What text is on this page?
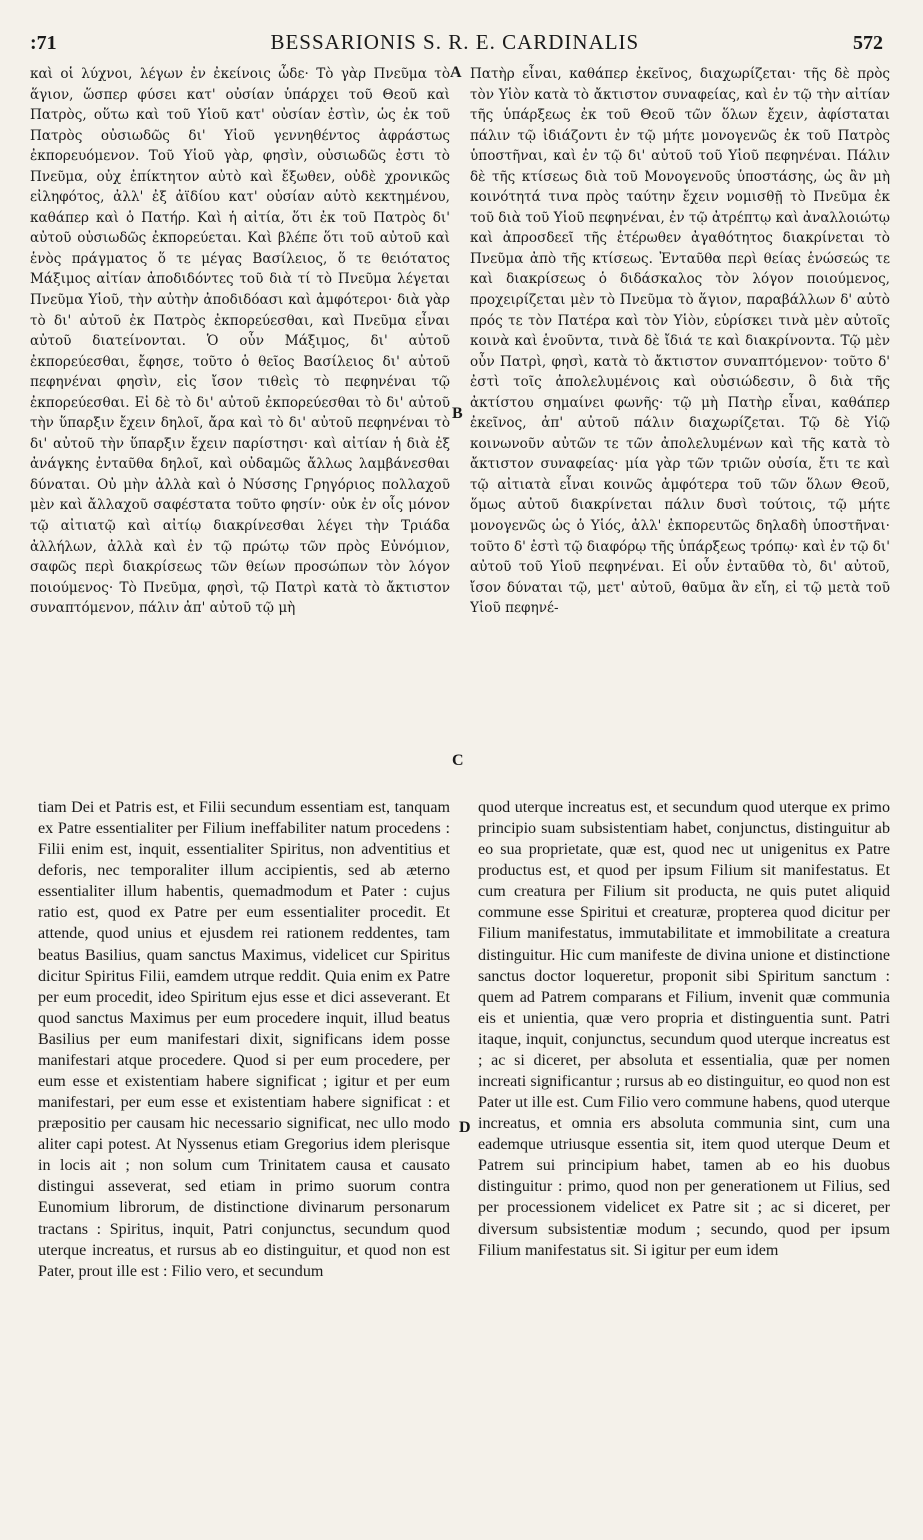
:71	BESSARIONIS S. R. E. CARDINALIS	572

καὶ οἱ λύχνοι, λέγων ἐν ἐκείνοις ὧδε· Τὸ γὰρ Πνεῦμα τὸ ἅγιον, ὥσπερ φύσει κατ' οὐσίαν ὑπάρχει τοῦ Θεοῦ καὶ Πατρὸς, οὕτω καὶ τοῦ Υἱοῦ κατ' οὐσίαν ἐστὶν, ὡς ἐκ τοῦ Πατρὸς οὐσιωδῶς δι' Υἱοῦ γεννηθέντος ἀφράστως ἐκπορευόμενον. Τοῦ Υἱοῦ γὰρ, φησὶν, οὐσιωδῶς ἐστι τὸ Πνεῦμα, οὐχ ἐπίκτητον αὐτὸ καὶ ἔξωθεν, οὐδὲ χρονικῶς εἰληφότος, ἀλλ' ἐξ ἀϊδίου κατ' οὐσίαν αὐτὸ κεκτημένου, καθάπερ καὶ ὁ Πατήρ. Καὶ ἡ αἰτία, ὅτι ἐκ τοῦ Πατρὸς δι' αὐτοῦ οὐσιωδῶς ἐκπορεύεται. Καὶ βλέπε ὅτι τοῦ αὐτοῦ καὶ ἑνὸς πράγματος ὅ τε μέγας Βασίλειος, ὅ τε θειότατος Μάξιμος αἰτίαν ἀποδιδόντες τοῦ διὰ τί τὸ Πνεῦμα λέγεται Πνεῦμα Υἱοῦ, τὴν αὐτὴν ἀποδιδόασι καὶ ἀμφότεροι· διὰ γὰρ τὸ δι' αὐτοῦ ἐκ Πατρὸς ἐκπορεύεσθαι, καὶ Πνεῦμα εἶναι αὐτοῦ διατείνονται. Ὁ οὖν Μάξιμος, δι' αὐτοῦ ἐκπορεύεσθαι, ἔφησε, τοῦτο ὁ θεῖος Βασίλειος δι' αὐτοῦ πεφηνέναι φησὶν, εἰς ἴσον τιθεὶς τὸ πεφηνέναι τῷ ἐκπορεύεσθαι. Εἰ δὲ τὸ δι' αὐτοῦ ἐκπορεύεσθαι τὸ δι' αὐτοῦ τὴν ὕπαρξιν ἔχειν δηλοῖ, ἄρα καὶ τὸ δι' αὐτοῦ πεφηνέναι τὸ δι' αὐτοῦ τὴν ὕπαρξιν ἔχειν παρίστησι· καὶ αἰτίαν ἡ διὰ ἐξ ἀνάγκης ἐνταῦθα δηλοῖ, καὶ οὐδαμῶς ἄλλως λαμβάνεσθαι δύναται. Οὐ μὴν ἀλλὰ καὶ ὁ Νύσσης Γρηγόριος πολλαχοῦ μὲν καὶ ἄλλαχοῦ σαφέστατα τοῦτο φησίν· οὐκ ἐν οἷς μόνον τῷ αἰτιατῷ καὶ αἰτίῳ διακρίνεσθαι λέγει τὴν Τριάδα ἀλλήλων, ἀλλὰ καὶ ἐν τῷ πρώτῳ τῶν πρὸς Εὐνόμιον, σαφῶς περὶ διακρίσεως τῶν θείων προσώπων τὸν λόγον ποιούμενος· Τὸ Πνεῦμα, φησὶ, τῷ Πατρὶ κατὰ τὸ ἄκτιστον συναπτόμενον, πάλιν ἀπ' αὐτοῦ τῷ μὴ

Πατὴρ εἶναι, καθάπερ ἐκεῖνος, διαχωρίζεται· τῆς δὲ πρὸς τὸν Υἱὸν κατὰ τὸ ἄκτιστον συναφείας, καὶ ἐν τῷ τὴν αἰτίαν τῆς ὑπάρξεως ἐκ τοῦ Θεοῦ τῶν ὅλων ἔχειν, ἀφίσταται πάλιν τῷ ἰδιάζοντι ἐν τῷ μήτε μονογενῶς ἐκ τοῦ Πατρὸς ὑποστῆναι, καὶ ἐν τῷ δι' αὐτοῦ τοῦ Υἱοῦ πεφηνέναι. Πάλιν δὲ τῆς κτίσεως διὰ τοῦ Μονογενοῦς ὑποστάσης, ὡς ἂν μὴ κοινότητά τινα πρὸς ταύτην ἔχειν νομισθῇ τὸ Πνεῦμα ἐκ τοῦ διὰ τοῦ Υἱοῦ πεφηνέναι, ἐν τῷ ἀτρέπτῳ καὶ ἀναλλοιώτῳ καὶ ἀπροσδεεῖ τῆς ἑτέρωθεν ἀγαθότητος διακρίνεται τὸ Πνεῦμα ἀπὸ τῆς κτίσεως. Ἐνταῦθα περὶ θείας ἑνώσεώς τε καὶ διακρίσεως ὁ διδάσκαλος τὸν λόγον ποιούμενος, προχειρίζεται μὲν τὸ Πνεῦμα τὸ ἅγιον, παραβάλλων δ' αὐτὸ πρός τε τὸν Πατέρα καὶ τὸν Υἱὸν, εὑρίσκει τινὰ μὲν αὐτοῖς κοινὰ καὶ ἑνοῦντα, τινὰ δὲ ἴδιά τε καὶ διακρίνοντα. Τῷ μὲν οὖν Πατρὶ, φησὶ, κατὰ τὸ ἄκτιστον συναπτόμενον· τοῦτο δ' ἐστὶ τοῖς ἀπολελυμένοις καὶ οὐσιώδεσιν, ὃ διὰ τῆς ἀκτίστου σημαίνει φωνῆς· τῷ μὴ Πατὴρ εἶναι, καθάπερ ἐκεῖνος, ἀπ' αὐτοῦ πάλιν διαχωρίζεται. Τῷ δὲ Υἱῷ κοινωνοῦν αὐτῶν τε τῶν ἀπολελυμένων καὶ τῆς κατὰ τὸ ἄκτιστον συναφείας· μία γὰρ τῶν τριῶν οὐσία, ἔτι τε καὶ τῷ αἰτιατὰ εἶναι κοινῶς ἀμφότερα τοῦ τῶν ὅλων Θεοῦ, ὅμως αὐτοῦ διακρίνεται πάλιν δυσὶ τούτοις, τῷ μήτε μονογενῶς ὡς ὁ Υἱός, ἀλλ' ἐκπορευτῶς δηλαδὴ ὑποστῆναι· τοῦτο δ' ἐστὶ τῷ διαφόρῳ τῆς ὑπάρξεως τρόπῳ· καὶ ἐν τῷ δι' αὐτοῦ τοῦ Υἱοῦ πεφηνέναι. Εἰ οὖν ἐνταῦθα τὸ, δι' αὐτοῦ, ἴσον δύναται τῷ, μετ' αὐτοῦ, θαῦμα ἂν εἴη, εἰ τῷ μετὰ τοῦ Υἱοῦ πεφηνέ-

A
B
C
D

tiam Dei et Patris est, et Filii secundum essentiam est, tanquam ex Patre essentialiter per Filium ineffabiliter natum procedens : Filii enim est, inquit, essentialiter Spiritus, non adventitius et deforis, nec temporaliter illum accipientis, sed ab æterno essentialiter illum habentis, quemadmodum et Pater : cujus ratio est, quod ex Patre per eum essentialiter procedit. Et attende, quod unius et ejusdem rei rationem reddentes, tam beatus Basilius, quam sanctus Maximus, videlicet cur Spiritus dicitur Spiritus Filii, eamdem utrque reddit. Quia enim ex Patre per eum procedit, ideo Spiritum ejus esse et dici asseverant. Et quod sanctus Maximus per eum procedere inquit, illud beatus Basilius per eum manifestari dixit, significans idem posse manifestari atque procedere. Quod si per eum procedere, per eum esse et existentiam habere significat ; igitur et per eum manifestari, per eum esse et existentiam habere significat : et præpositio per causam hic necessario significat, nec ullo modo aliter capi potest. At Nyssenus etiam Gregorius idem plerisque in locis ait ; non solum cum Trinitatem causa et causato distingui asseverat, sed etiam in primo suorum contra Eunomium librorum, de distinctione divinarum personarum tractans : Spiritus, inquit, Patri conjunctus, secundum quod uterque increatus, et rursus ab eo distinguitur, et quod non est Pater, prout ille est : Filio vero, et secundum

quod uterque increatus est, et secundum quod uterque ex primo principio suam subsistentiam habet, conjunctus, distinguitur ab eo sua proprietate, quæ est, quod nec ut unigenitus ex Patre productus est, et quod per ipsum Filium sit manifestatus. Et cum creatura per Filium sit producta, ne quis putet aliquid commune esse Spiritui et creaturæ, propterea quod dicitur per Filium manifestatus, immutabilitate et immobilitate a creatura distinguitur. Hic cum manifeste de divina unione et distinctione sanctus doctor loqueretur, proponit sibi Spiritum sanctum : quem ad Patrem comparans et Filium, invenit quæ communia eis et unientia, quæ vero propria et distinguentia sunt. Patri itaque, inquit, conjunctus, secundum quod uterque increatus est ; ac si diceret, per absoluta et essentialia, quæ per nomen increati significantur ; rursus ab eo distinguitur, eo quod non est Pater ut ille est. Cum Filio vero commune habens, quod uterque increatus, et omnia ers absoluta communia sint, cum una eademque utriusque essentia sit, item quod uterque Deum et Patrem sui principium habet, tamen ab eo his duobus distinguitur : primo, quod non per generationem ut Filius, sed per processionem videlicet ex Patre sit ; ac si diceret, per diversum subsistentiæ modum ; secundo, quod per ipsum Filium manifestatus sit. Si igitur per eum idem
